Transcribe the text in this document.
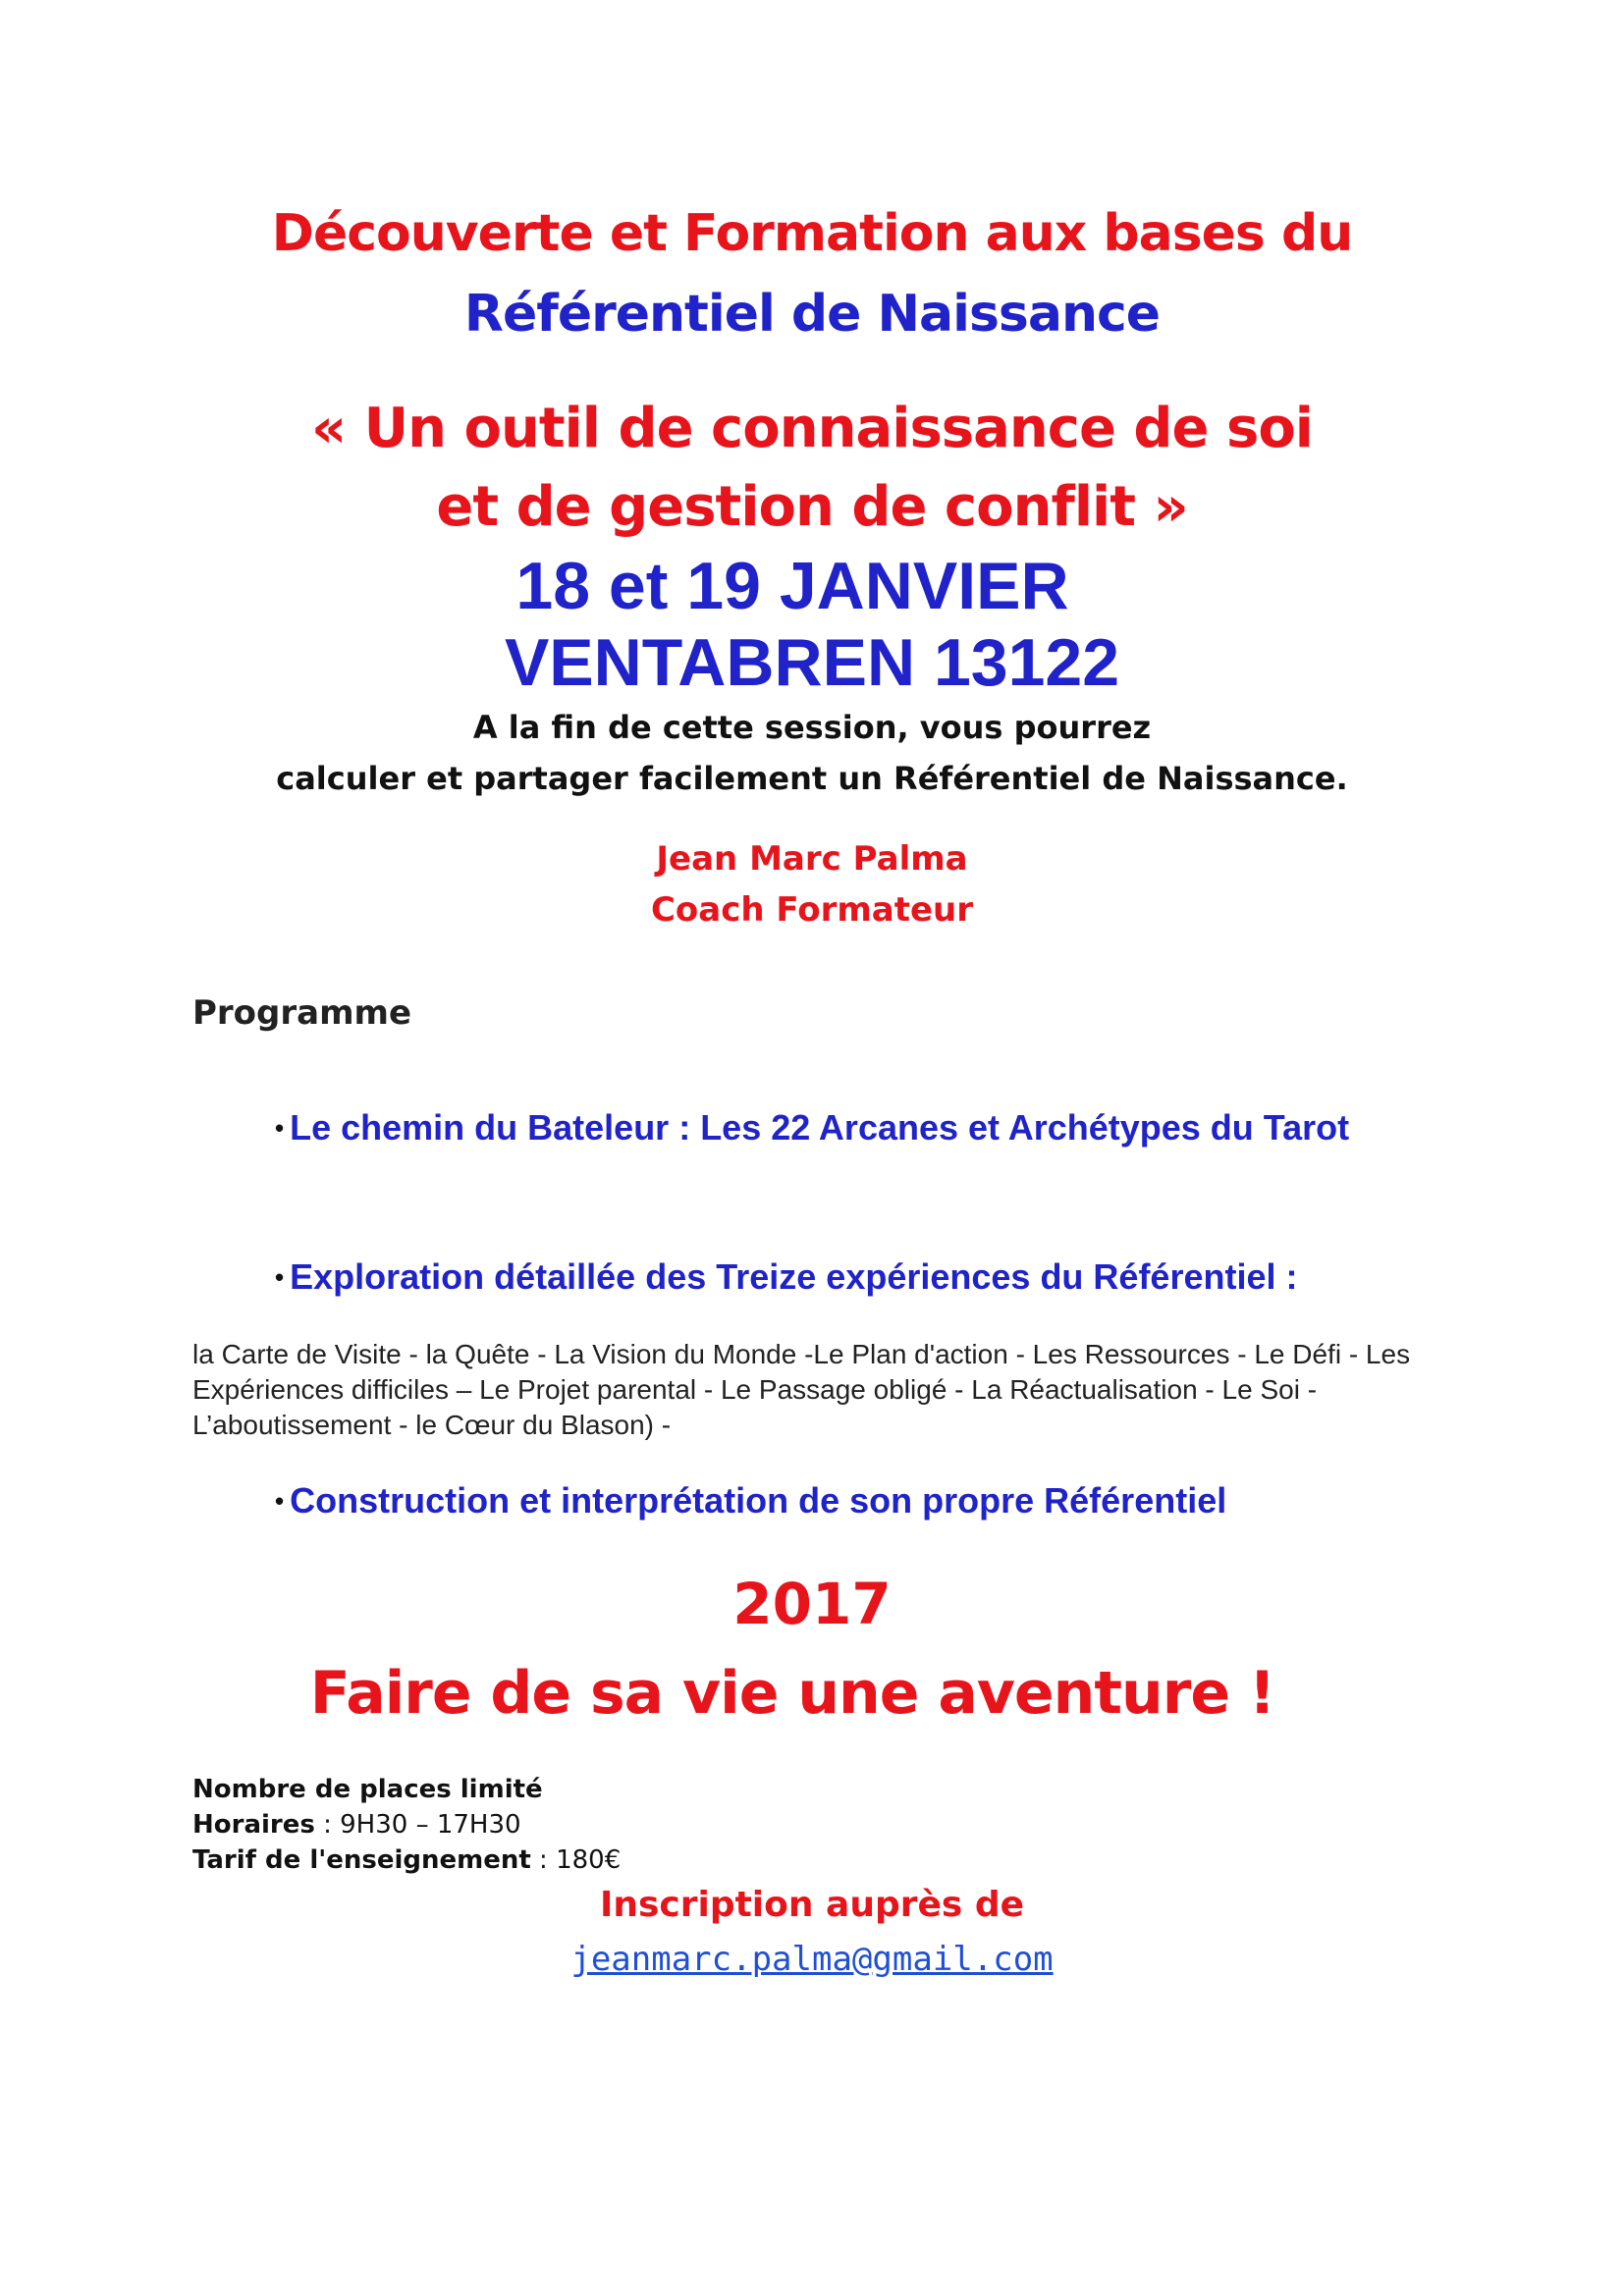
Découverte et Formation aux bases du
Référentiel de Naissance
« Un outil de connaissance de soi
et de gestion de conflit »
18 et 19 JANVIER
VENTABREN 13122
A la fin de cette session, vous pourrez
calculer et partager facilement un Référentiel de Naissance.
Jean Marc Palma
Coach Formateur
Programme
• Le chemin du Bateleur : Les 22 Arcanes et Archétypes du Tarot
• Exploration détaillée des Treize expériences du Référentiel :
la Carte de Visite - la Quête - La Vision du Monde -Le Plan d'action - Les Ressources - Le Défi - Les Expériences difficiles – Le Projet parental - Le Passage obligé - La Réactualisation - Le Soi - L’aboutissement - le Cœur du Blason) -
• Construction et interprétation de son propre Référentiel
2017
Faire de sa vie une aventure !
Nombre de places limité
Horaires : 9H30 – 17H30
Tarif de l'enseignement : 180€
Inscription auprès de
jeanmarc.palma@gmail.com
